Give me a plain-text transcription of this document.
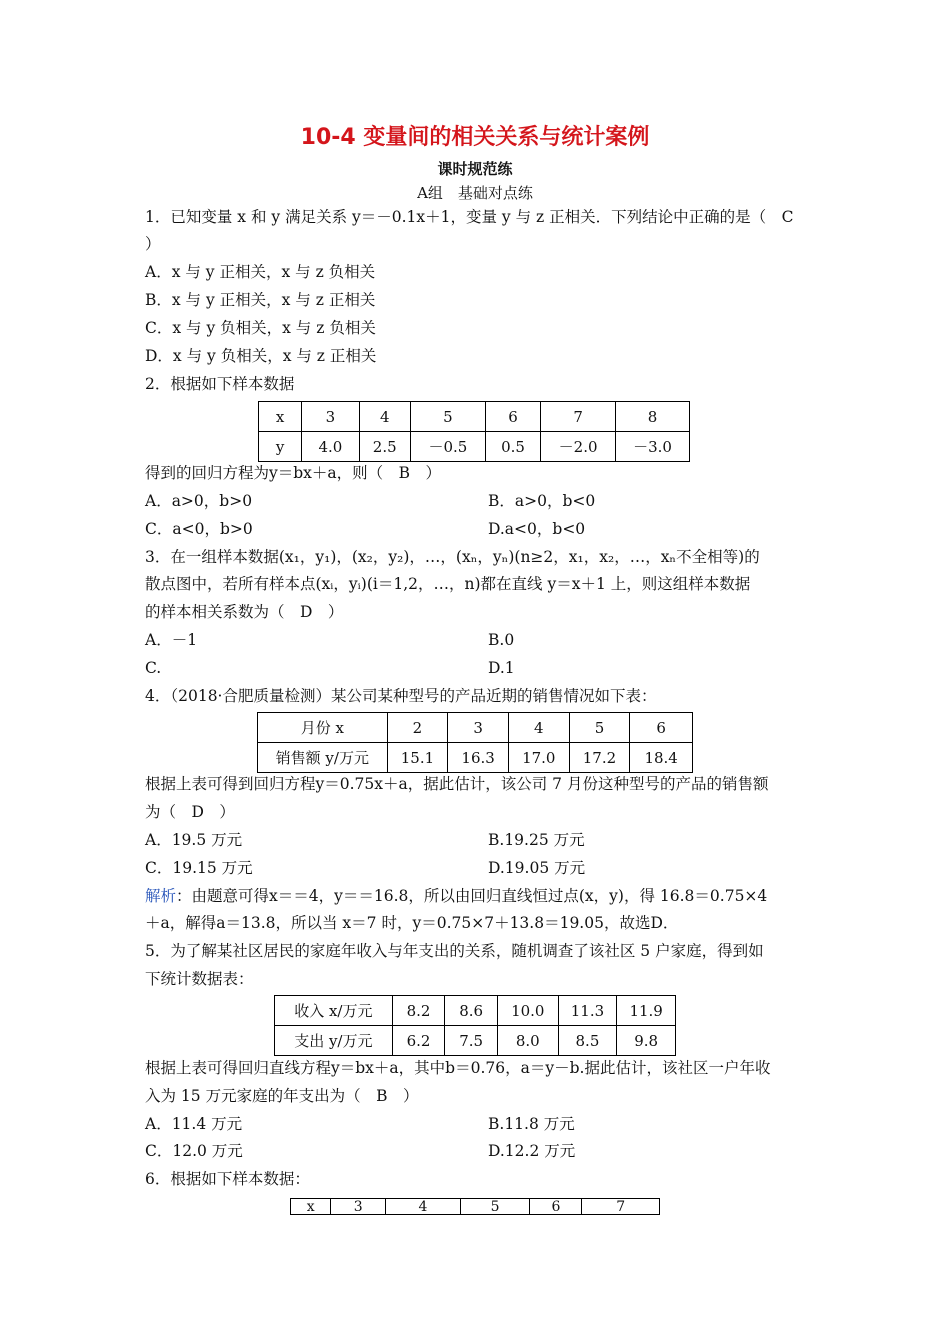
10-4 变量间的相关关系与统计案例
课时规范练
A组　基础对点练
1．已知变量 x 和 y 满足关系 y＝－0.1x＋1，变量 y 与 z 正相关．下列结论中正确的是（　C
）
A．x 与 y 正相关，x 与 z 负相关
B．x 与 y 正相关，x 与 z 正相关
C．x 与 y 负相关，x 与 z 负相关
D．x 与 y 负相关，x 与 z 正相关
2．根据如下样本数据
x	3	4	5	6	7	8
y	4.0	2.5	－0.5	0.5	－2.0	－3.0
得到的回归方程为y＝bx＋a，则（　B　）
A．a>0，b>0	B．a>0，b<0
C．a<0，b>0	D.a<0，b<0
3．在一组样本数据(x₁，y₁)，(x₂，y₂)，…，(xₙ，yₙ)(n≥2，x₁，x₂，…，xₙ不全相等)的
散点图中，若所有样本点(xᵢ，yᵢ)(i＝1,2，…，n)都在直线 y＝x＋1 上，则这组样本数据
的样本相关系数为（　D　）
A．－1	B.0
C.	D.1
4．（2018·合肥质量检测）某公司某种型号的产品近期的销售情况如下表：
月份 x	2	3	4	5	6
销售额 y/万元	15.1	16.3	17.0	17.2	18.4
根据上表可得到回归方程y＝0.75x＋a，据此估计，该公司 7 月份这种型号的产品的销售额
为（　D　）
A．19.5 万元	B.19.25 万元
C．19.15 万元	D.19.05 万元
解析：由题意可得x＝＝4，y＝＝16.8，所以由回归直线恒过点(x，y)，得 16.8＝0.75×4
＋a，解得a＝13.8，所以当 x＝7 时，y＝0.75×7＋13.8＝19.05，故选D．
5．为了解某社区居民的家庭年收入与年支出的关系，随机调查了该社区 5 户家庭，得到如
下统计数据表：
收入 x/万元	8.2	8.6	10.0	11.3	11.9
支出 y/万元	6.2	7.5	8.0	8.5	9.8
根据上表可得回归直线方程y＝bx＋a，其中b＝0.76，a＝y－b.据此估计，该社区一户年收
入为 15 万元家庭的年支出为（　B　）
A．11.4 万元	B.11.8 万元
C．12.0 万元	D.12.2 万元
6．根据如下样本数据：
x	3	4	5	6	7
